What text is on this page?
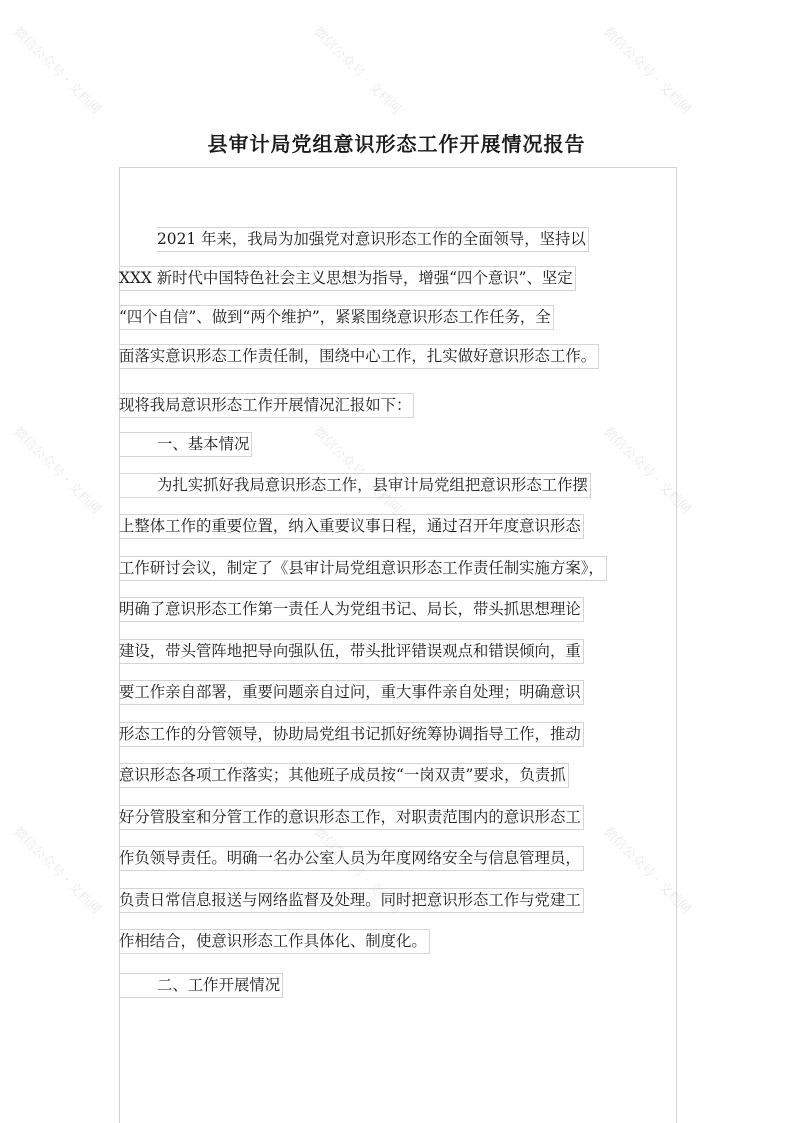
县审计局党组意识形态工作开展情况报告
2021 年来，我局为加强党对意识形态工作的全面领导，坚持以
XXX 新时代中国特色社会主义思想为指导，增强“四个意识”、坚定
“四个自信”、做到“两个维护”，紧紧围绕意识形态工作任务，全
面落实意识形态工作责任制，围绕中心工作，扎实做好意识形态工作。
现将我局意识形态工作开展情况汇报如下：
一、基本情况
为扎实抓好我局意识形态工作，县审计局党组把意识形态工作摆
上整体工作的重要位置，纳入重要议事日程，通过召开年度意识形态
工作研讨会议，制定了《县审计局党组意识形态工作责任制实施方案》，
明确了意识形态工作第一责任人为党组书记、局长，带头抓思想理论
建设，带头管阵地把导向强队伍，带头批评错误观点和错误倾向，重
要工作亲自部署，重要问题亲自过问，重大事件亲自处理；明确意识
形态工作的分管领导，协助局党组书记抓好统筹协调指导工作，推动
意识形态各项工作落实；其他班子成员按“一岗双责”要求，负责抓
好分管股室和分管工作的意识形态工作，对职责范围内的意识形态工
作负领导责任。明确一名办公室人员为年度网络安全与信息管理员，
负责日常信息报送与网络监督及处理。同时把意识形态工作与党建工
作相结合，使意识形态工作具体化、制度化。
二、工作开展情况
微信公众号 · 文档网	微信公众号 · 文档网	微信公众号 · 文档网
微信公众号 · 文档网	微信公众号 · 文档网	微信公众号 · 文档网
微信公众号 · 文档网	微信公众号 · 文档网	微信公众号 · 文档网
